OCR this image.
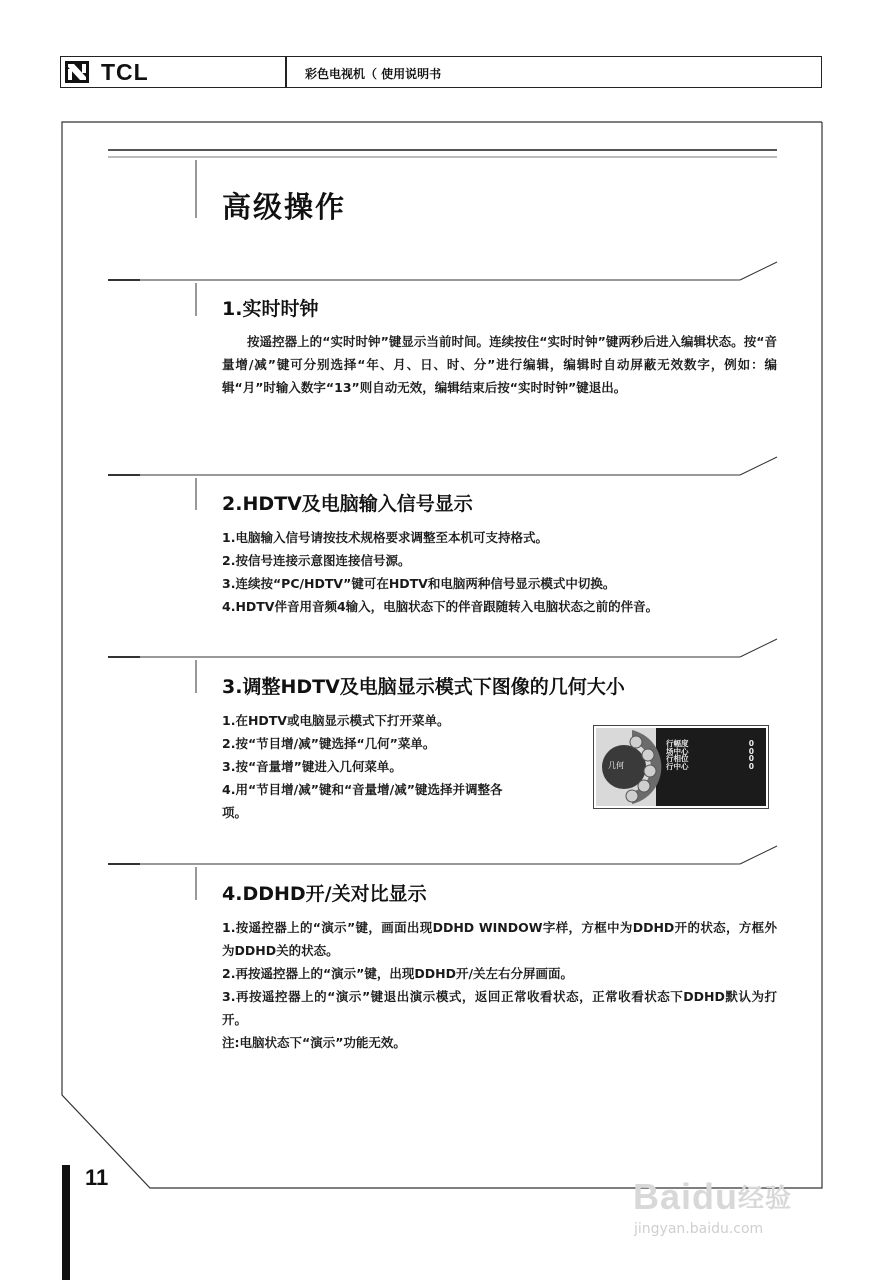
TCL	彩色电视机（ 使用说明书
高级操作
1.实时时钟

按遥控器上的“实时时钟”键显示当前时间。连续按住“实时时钟”键两秒后进入编辑状态。按“音量增/减”键可分别选择“年、月、日、时、分”进行编辑，编辑时自动屏蔽无效数字，例如：编辑“月”时输入数字“13”则自动无效，编辑结束后按“实时时钟”键退出。

2.HDTV及电脑输入信号显示
1.电脑输入信号请按技术规格要求调整至本机可支持格式。
2.按信号连接示意图连接信号源。
3.连续按“PC/HDTV”键可在HDTV和电脑两种信号显示模式中切换。
4.HDTV伴音用音频4输入，电脑状态下的伴音跟随转入电脑状态之前的伴音。
3.调整HDTV及电脑显示模式下图像的几何大小
1.在HDTV或电脑显示模式下打开菜单。
2.按“节目增/减”键选择“几何”菜单。
3.按“音量增”键进入几何菜单。
4.用“节目增/减”键和“音量增/减”键选择并调整各
项。
几何
行幅度	0
场中心	0
行相位	0
行中心	0
4.DDHD开/关对比显示

1.按遥控器上的“演示”键，画面出现DDHD WINDOW字样，方框中为DDHD开的状态，方框外为DDHD关的状态。

2.再按遥控器上的“演示”键，出现DDHD开/关左右分屏画面。

3.再按遥控器上的“演示”键退出演示模式，返回正常收看状态，正常收看状态下DDHD默认为打开。

注:电脑状态下“演示”功能无效。

11	Baidu经验
jingyan.baidu.com
